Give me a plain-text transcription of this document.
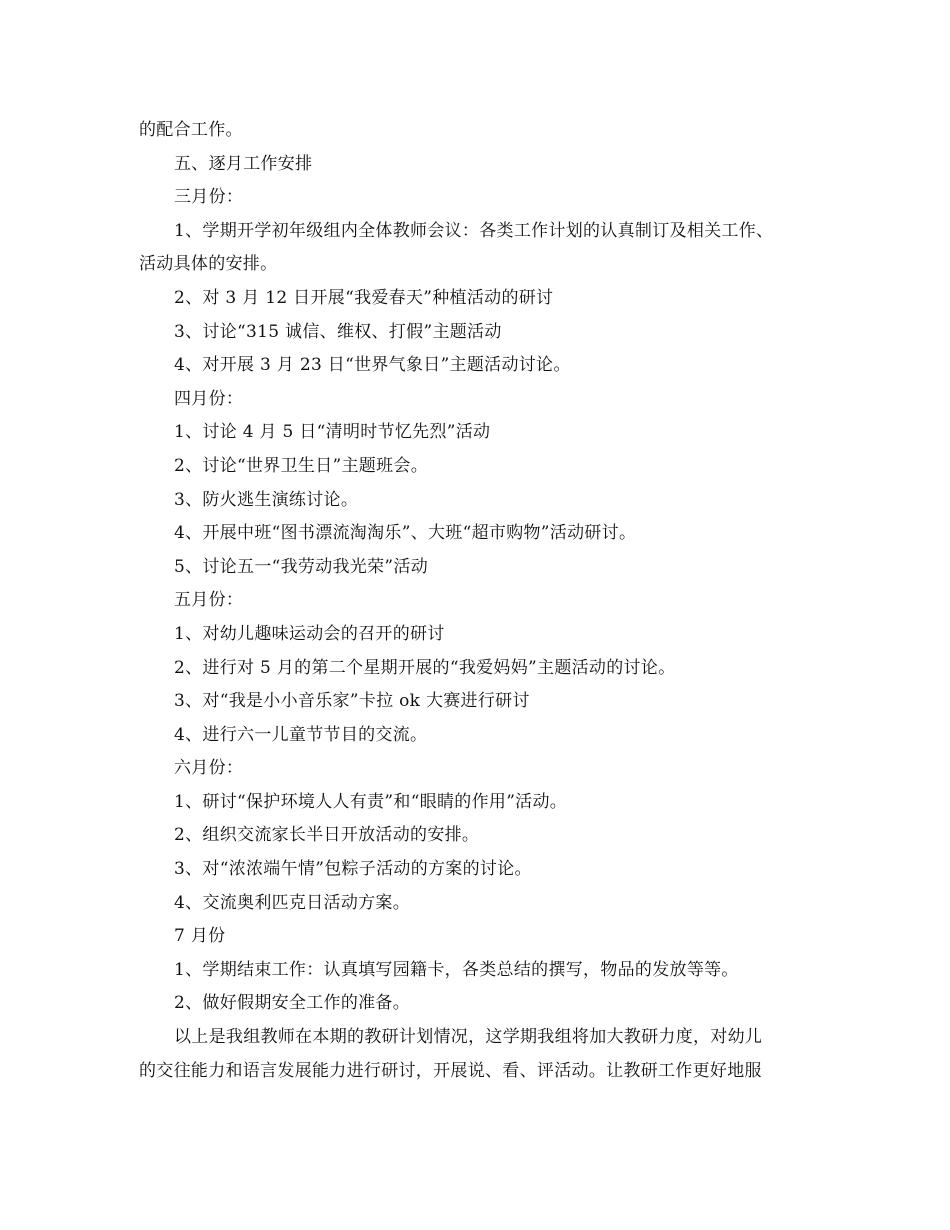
的配合工作。
五、逐月工作安排
三月份：
1、学期开学初年级组内全体教师会议：各类工作计划的认真制订及相关工作、
活动具体的安排。
2、对 3 月 12 日开展“我爱春天”种植活动的研讨
3、讨论“315 诚信、维权、打假”主题活动
4、对开展 3 月 23 日“世界气象日”主题活动讨论。
四月份：
1、讨论 4 月 5 日“清明时节忆先烈”活动
2、讨论“世界卫生日”主题班会。
3、防火逃生演练讨论。
4、开展中班“图书漂流淘淘乐”、大班“超市购物”活动研讨。
5、讨论五一“我劳动我光荣”活动
五月份：
1、对幼儿趣味运动会的召开的研讨
2、进行对 5 月的第二个星期开展的“我爱妈妈”主题活动的讨论。
3、对“我是小小音乐家”卡拉 ok 大赛进行研讨
4、进行六一儿童节节目的交流。
六月份：
1、研讨“保护环境人人有责”和“眼睛的作用”活动。
2、组织交流家长半日开放活动的安排。
3、对“浓浓端午情”包粽子活动的方案的讨论。
4、交流奥利匹克日活动方案。
7 月份
1、学期结束工作：认真填写园籍卡，各类总结的撰写，物品的发放等等。
2、做好假期安全工作的准备。
以上是我组教师在本期的教研计划情况，这学期我组将加大教研力度，对幼儿
的交往能力和语言发展能力进行研讨，开展说、看、评活动。让教研工作更好地服
